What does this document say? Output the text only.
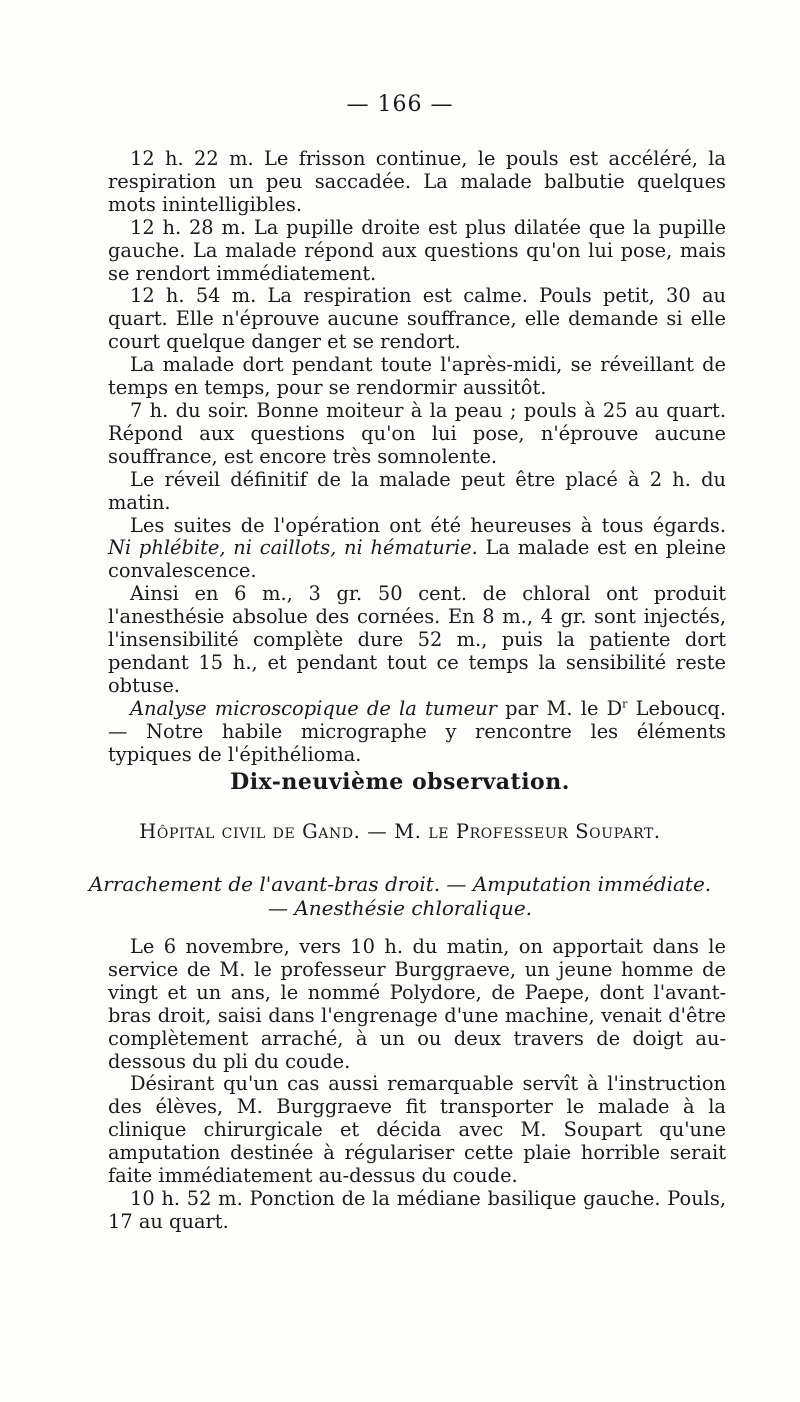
— 166 —

12 h. 22 m. Le frisson continue, le pouls est accéléré, la respiration un peu saccadée. La malade balbutie quelques mots inintelligibles.

12 h. 28 m. La pupille droite est plus dilatée que la pupille gauche. La malade répond aux questions qu'on lui pose, mais se rendort immédiatement.

12 h. 54 m. La respiration est calme. Pouls petit, 30 au quart. Elle n'éprouve aucune souffrance, elle demande si elle court quelque danger et se rendort.

La malade dort pendant toute l'après-midi, se réveillant de temps en temps, pour se rendormir aussitôt.

7 h. du soir. Bonne moiteur à la peau ; pouls à 25 au quart. Répond aux questions qu'on lui pose, n'éprouve aucune souffrance, est encore très somnolente.

Le réveil définitif de la malade peut être placé à 2 h. du matin.

Les suites de l'opération ont été heureuses à tous égards. Ni phlébite, ni caillots, ni hématurie. La malade est en pleine convalescence.

Ainsi en 6 m., 3 gr. 50 cent. de chloral ont produit l'anesthésie absolue des cornées. En 8 m., 4 gr. sont injectés, l'insensibilité complète dure 52 m., puis la patiente dort pendant 15 h., et pendant tout ce temps la sensibilité reste obtuse.

Analyse microscopique de la tumeur par M. le $D^r$ Leboucq. — Notre habile micrographe y rencontre les éléments typiques de l'épithélioma.

Dix-neuvième observation.
Hôpital civil de Gand. — M. le Professeur Soupart.
Arrachement de l'avant-bras droit. — Amputation immédiate.
— Anesthésie chloralique.

Le 6 novembre, vers 10 h. du matin, on apportait dans le service de M. le professeur Burggraeve, un jeune homme de vingt et un ans, le nommé Polydore, de Paepe, dont l'avant-bras droit, saisi dans l'engrenage d'une machine, venait d'être complètement arraché, à un ou deux travers de doigt au-dessous du pli du coude.

Désirant qu'un cas aussi remarquable servît à l'instruction des élèves, M. Burggraeve fit transporter le malade à la clinique chirurgicale et décida avec M. Soupart qu'une amputation destinée à régulariser cette plaie horrible serait faite immédiatement au-dessus du coude.

10 h. 52 m. Ponction de la médiane basilique gauche. Pouls, 17 au quart.
